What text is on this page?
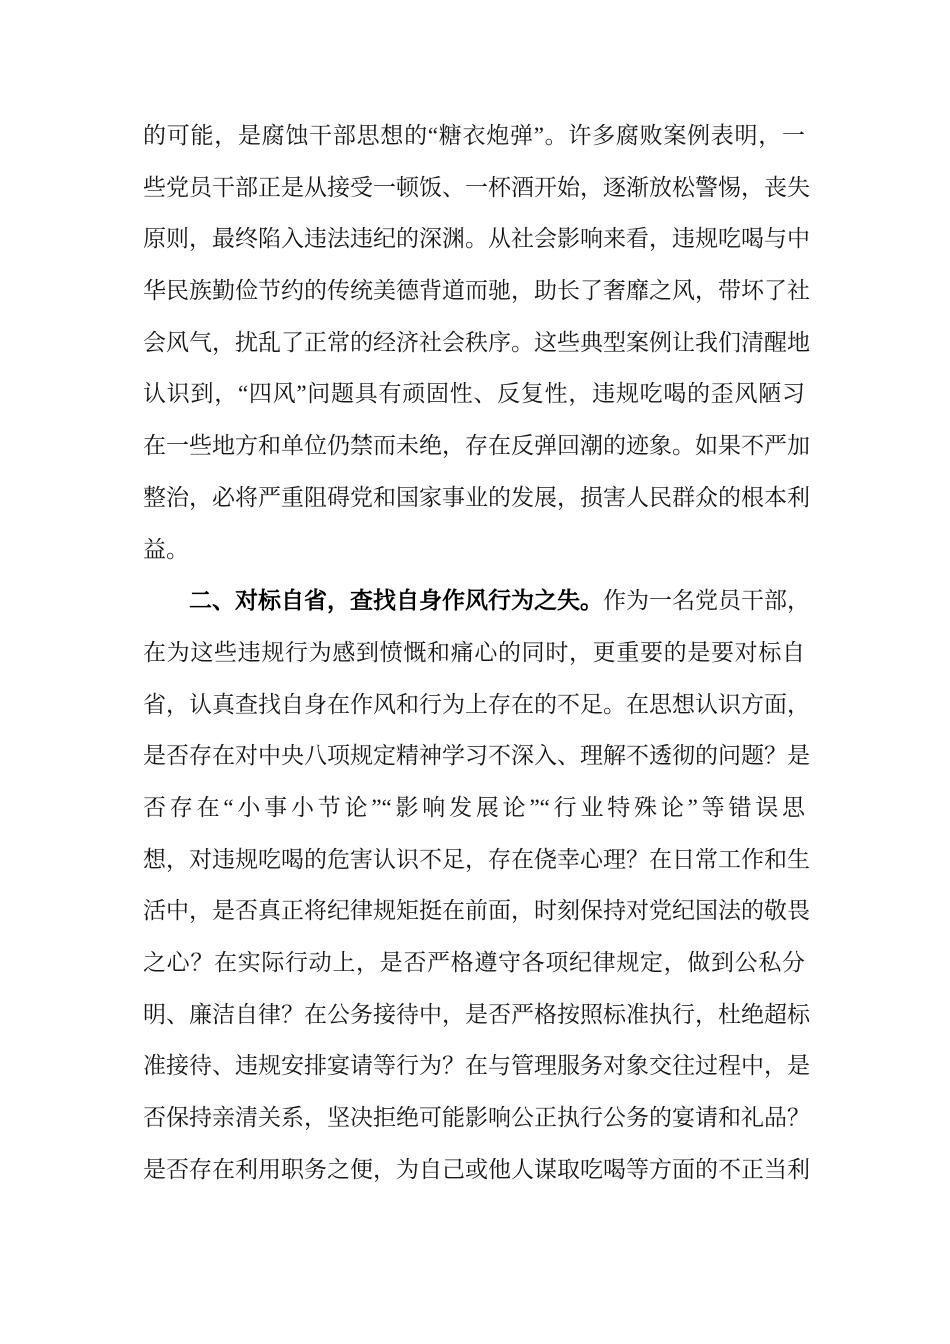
的可能，是腐蚀干部思想的“糖衣炮弹”。许多腐败案例表明，一
些党员干部正是从接受一顿饭、一杯酒开始，逐渐放松警惕，丧失
原则，最终陷入违法违纪的深渊。从社会影响来看，违规吃喝与中
华民族勤俭节约的传统美德背道而驰，助长了奢靡之风，带坏了社
会风气，扰乱了正常的经济社会秩序。这些典型案例让我们清醒地
认识到，“四风”问题具有顽固性、反复性，违规吃喝的歪风陋习
在一些地方和单位仍禁而未绝，存在反弹回潮的迹象。如果不严加
整治，必将严重阻碍党和国家事业的发展，损害人民群众的根本利
益。
二、对标自省，查找自身作风行为之失。作为一名党员干部，
在为这些违规行为感到愤慨和痛心的同时，更重要的是要对标自
省，认真查找自身在作风和行为上存在的不足。在思想认识方面，
是否存在对中央八项规定精神学习不深入、理解不透彻的问题？是
否存在“小事小节论”“影响发展论”“行业特殊论”等错误思
想，对违规吃喝的危害认识不足，存在侥幸心理？在日常工作和生
活中，是否真正将纪律规矩挺在前面，时刻保持对党纪国法的敬畏
之心？在实际行动上，是否严格遵守各项纪律规定，做到公私分
明、廉洁自律？在公务接待中，是否严格按照标准执行，杜绝超标
准接待、违规安排宴请等行为？在与管理服务对象交往过程中，是
否保持亲清关系，坚决拒绝可能影响公正执行公务的宴请和礼品？
是否存在利用职务之便，为自己或他人谋取吃喝等方面的不正当利
